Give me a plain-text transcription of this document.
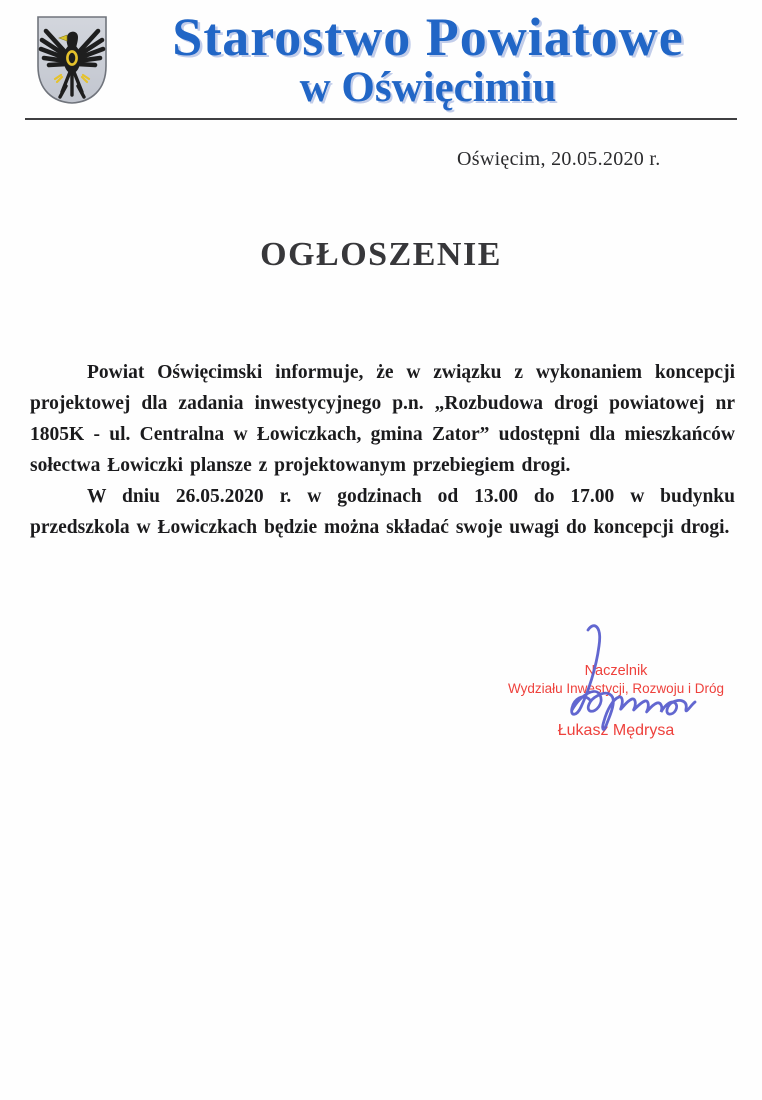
Starostwo Powiatowe
w Oświęcimiu
Oświęcim, 20.05.2020 r.
OGŁOSZENIE

Powiat Oświęcimski informuje, że w związku z wykonaniem koncepcji projektowej dla zadania inwestycyjnego p.n. „Rozbudowa drogi powiatowej nr 1805K - ul. Centralna w Łowiczkach, gmina Zator” udostępni dla mieszkańców sołectwa Łowiczki plansze z projektowanym przebiegiem drogi.

W dniu 26.05.2020 r. w godzinach od 13.00 do 17.00 w budynku przedszkola w Łowiczkach będzie można składać swoje uwagi do koncepcji drogi.

Naczelnik
Wydziału Inwestycji, Rozwoju i Dróg
Łukasz Mędrysa
